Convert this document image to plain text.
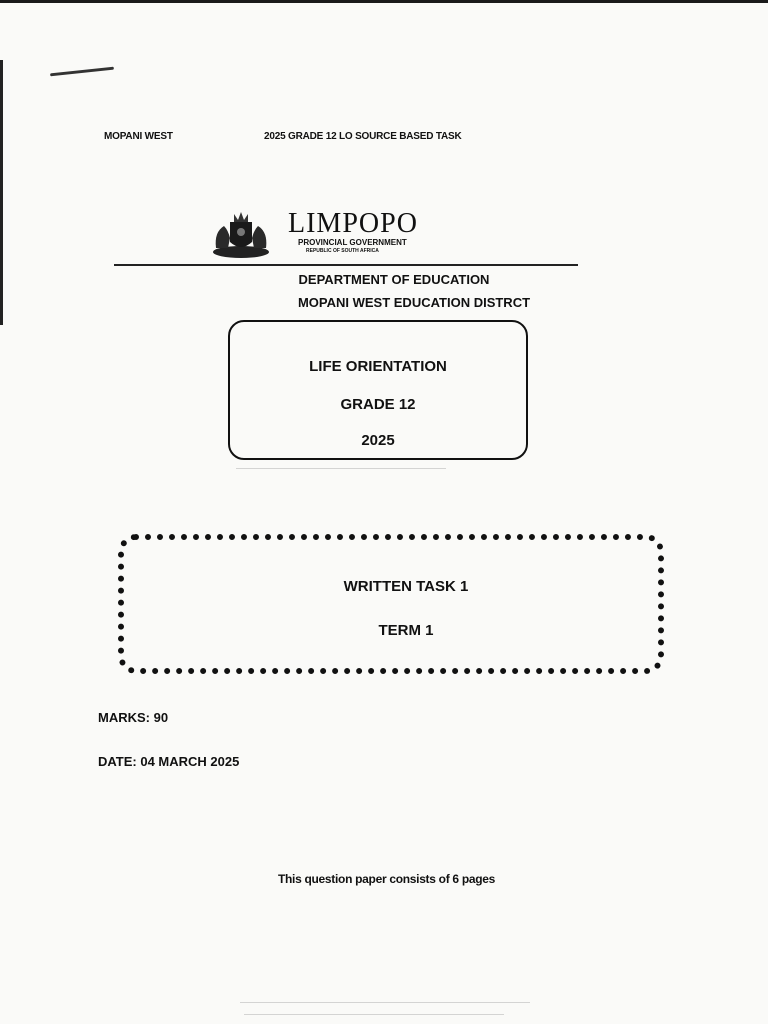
MOPANI WEST	2025 GRADE 12 LO SOURCE BASED TASK
LIMPOPO
PROVINCIAL GOVERNMENT
REPUBLIC OF SOUTH AFRICA
DEPARTMENT OF EDUCATION
MOPANI WEST EDUCATION DISTRCT
LIFE ORIENTATION
GRADE 12
2025
WRITTEN TASK 1
TERM 1
MARKS: 90
DATE: 04 MARCH 2025
This question paper consists of 6 pages
